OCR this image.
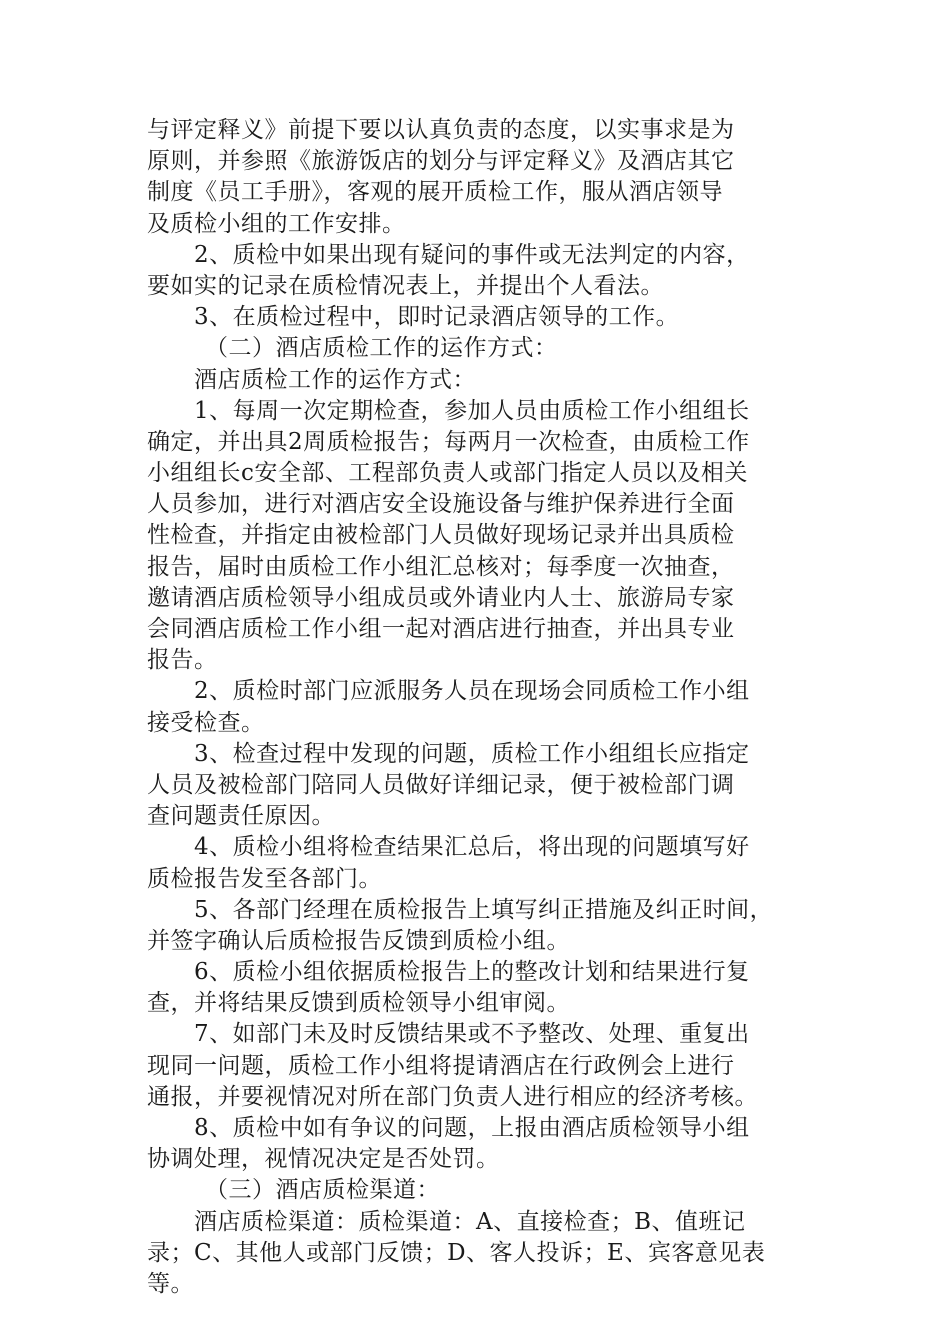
与评定释义》前提下要以认真负责的态度，以实事求是为
原则，并参照《旅游饭店的划分与评定释义》及酒店其它
制度《员工手册》，客观的展开质检工作，服从酒店领导
及质检小组的工作安排。
2、质检中如果出现有疑问的事件或无法判定的内容，
要如实的记录在质检情况表上，并提出个人看法。
3、在质检过程中，即时记录酒店领导的工作。
（二）酒店质检工作的运作方式：
酒店质检工作的运作方式：
1、每周一次定期检查，参加人员由质检工作小组组长
确定，并出具2周质检报告；每两月一次检查，由质检工作
小组组长c安全部、工程部负责人或部门指定人员以及相关
人员参加，进行对酒店安全设施设备与维护保养进行全面
性检查，并指定由被检部门人员做好现场记录并出具质检
报告，届时由质检工作小组汇总核对；每季度一次抽查，
邀请酒店质检领导小组成员或外请业内人士、旅游局专家
会同酒店质检工作小组一起对酒店进行抽查，并出具专业
报告。
2、质检时部门应派服务人员在现场会同质检工作小组
接受检查。
3、检查过程中发现的问题，质检工作小组组长应指定
人员及被检部门陪同人员做好详细记录，便于被检部门调
查问题责任原因。
4、质检小组将检查结果汇总后，将出现的问题填写好
质检报告发至各部门。
5、各部门经理在质检报告上填写纠正措施及纠正时间，
并签字确认后质检报告反馈到质检小组。
6、质检小组依据质检报告上的整改计划和结果进行复
查，并将结果反馈到质检领导小组审阅。
7、如部门未及时反馈结果或不予整改、处理、重复出
现同一问题，质检工作小组将提请酒店在行政例会上进行
通报，并要视情况对所在部门负责人进行相应的经济考核。
8、质检中如有争议的问题，上报由酒店质检领导小组
协调处理，视情况决定是否处罚。
（三）酒店质检渠道：
酒店质检渠道：质检渠道：A、直接检查；B、值班记
录；C、其他人或部门反馈；D、客人投诉；E、宾客意见表
等。
